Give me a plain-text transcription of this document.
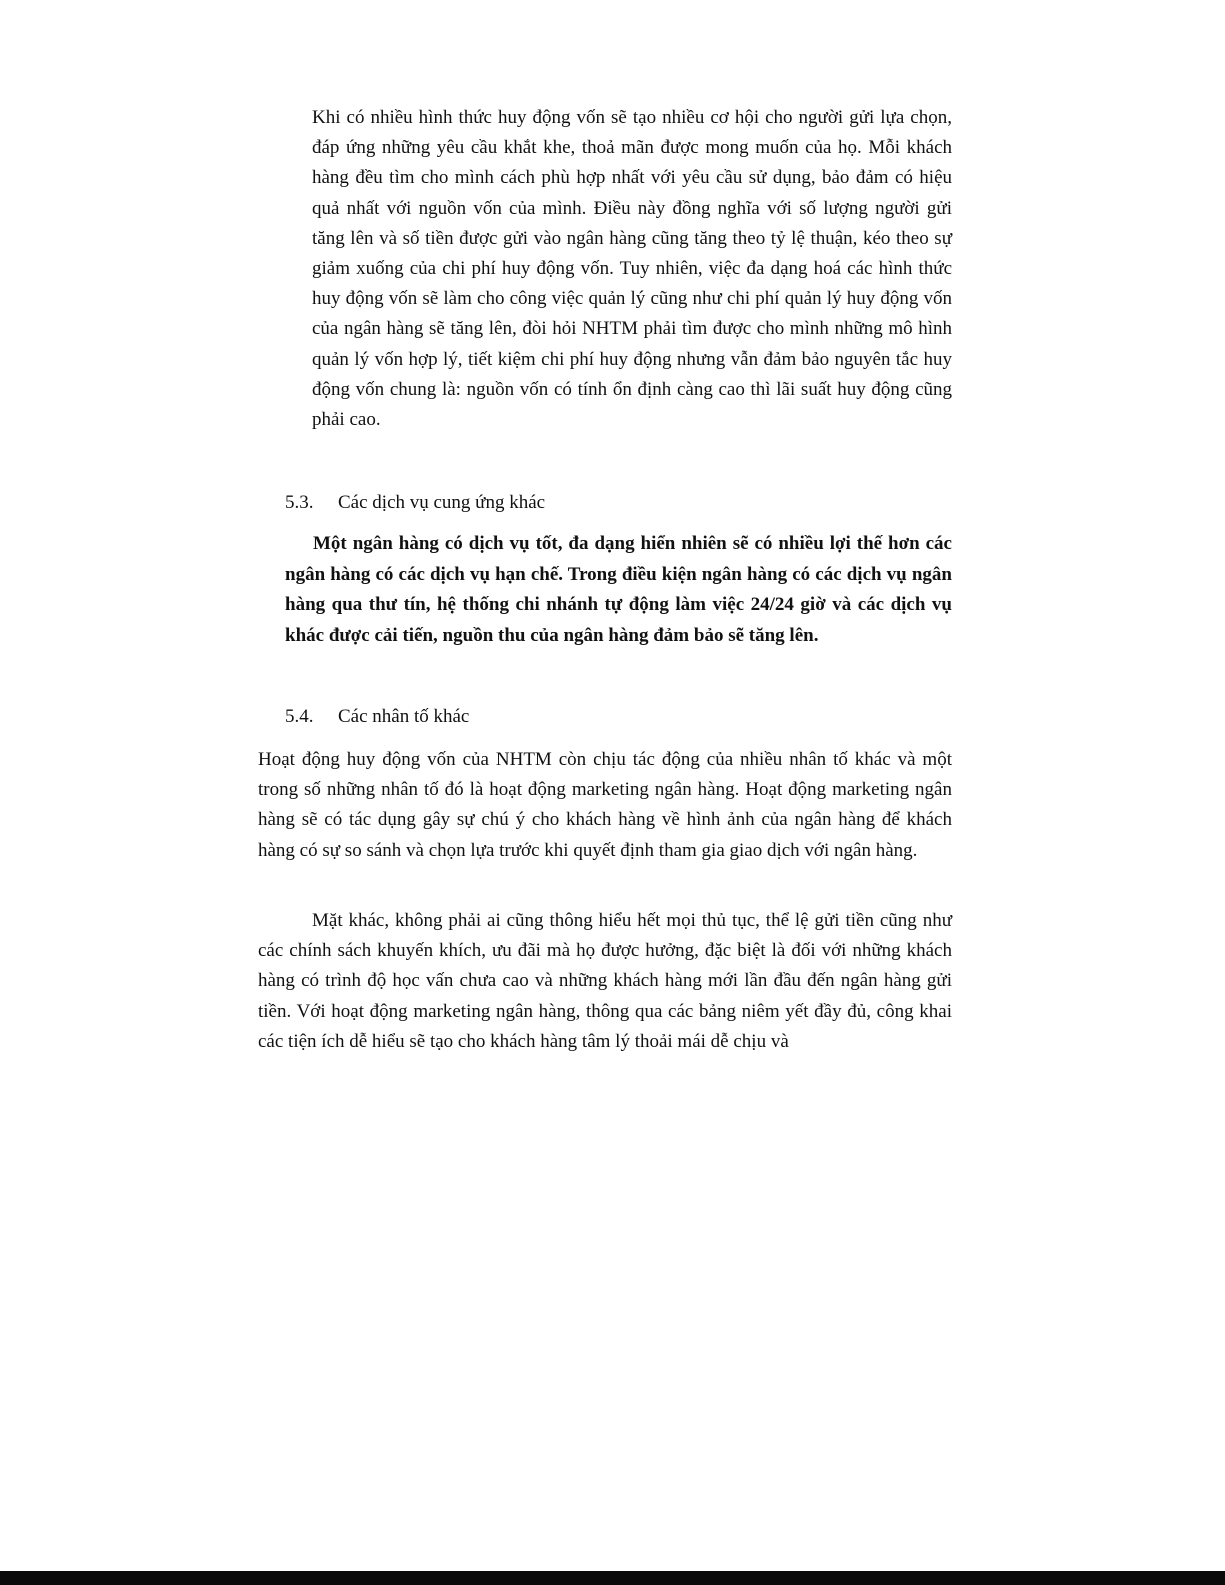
Khi có nhiều hình thức huy động vốn sẽ tạo nhiều cơ hội cho người gửi lựa chọn, đáp ứng những yêu cầu khắt khe, thoả mãn được mong muốn của họ. Mỗi khách hàng đều tìm cho mình cách phù hợp nhất với yêu cầu sử dụng, bảo đảm có hiệu quả nhất với nguồn vốn của mình. Điều này đồng nghĩa với số lượng người gửi tăng lên và số tiền được gửi vào ngân hàng cũng tăng theo tỷ lệ thuận, kéo theo sự giảm xuống của chi phí huy động vốn. Tuy nhiên, việc đa dạng hoá các hình thức huy động vốn sẽ làm cho công việc quản lý cũng như chi phí quản lý huy động vốn của ngân hàng sẽ tăng lên, đòi hỏi NHTM phải tìm được cho mình những mô hình quản lý vốn hợp lý, tiết kiệm chi phí huy động nhưng vẫn đảm bảo nguyên tắc huy động vốn chung là: nguồn vốn có tính ổn định càng cao thì lãi suất huy động cũng phải cao.

5.3. Các dịch vụ cung ứng khác

Một ngân hàng có dịch vụ tốt, đa dạng hiển nhiên sẽ có nhiều lợi thế hơn các ngân hàng có các dịch vụ hạn chế. Trong điều kiện ngân hàng có các dịch vụ ngân hàng qua thư tín, hệ thống chi nhánh tự động làm việc 24/24 giờ và các dịch vụ khác được cải tiến, nguồn thu của ngân hàng đảm bảo sẽ tăng lên.

5.4. Các nhân tố khác

Hoạt động huy động vốn của NHTM còn chịu tác động của nhiều nhân tố khác và một trong số những nhân tố đó là hoạt động marketing ngân hàng. Hoạt động marketing ngân hàng sẽ có tác dụng gây sự chú ý cho khách hàng về hình ảnh của ngân hàng để khách hàng có sự so sánh và chọn lựa trước khi quyết định tham gia giao dịch với ngân hàng.

Mặt khác, không phải ai cũng thông hiểu hết mọi thủ tục, thể lệ gửi tiền cũng như các chính sách khuyến khích, ưu đãi mà họ được hưởng, đặc biệt là đối với những khách hàng có trình độ học vấn chưa cao và những khách hàng mới lần đầu đến ngân hàng gửi tiền. Với hoạt động marketing ngân hàng, thông qua các bảng niêm yết đầy đủ, công khai các tiện ích dễ hiểu sẽ tạo cho khách hàng tâm lý thoải mái dễ chịu và
